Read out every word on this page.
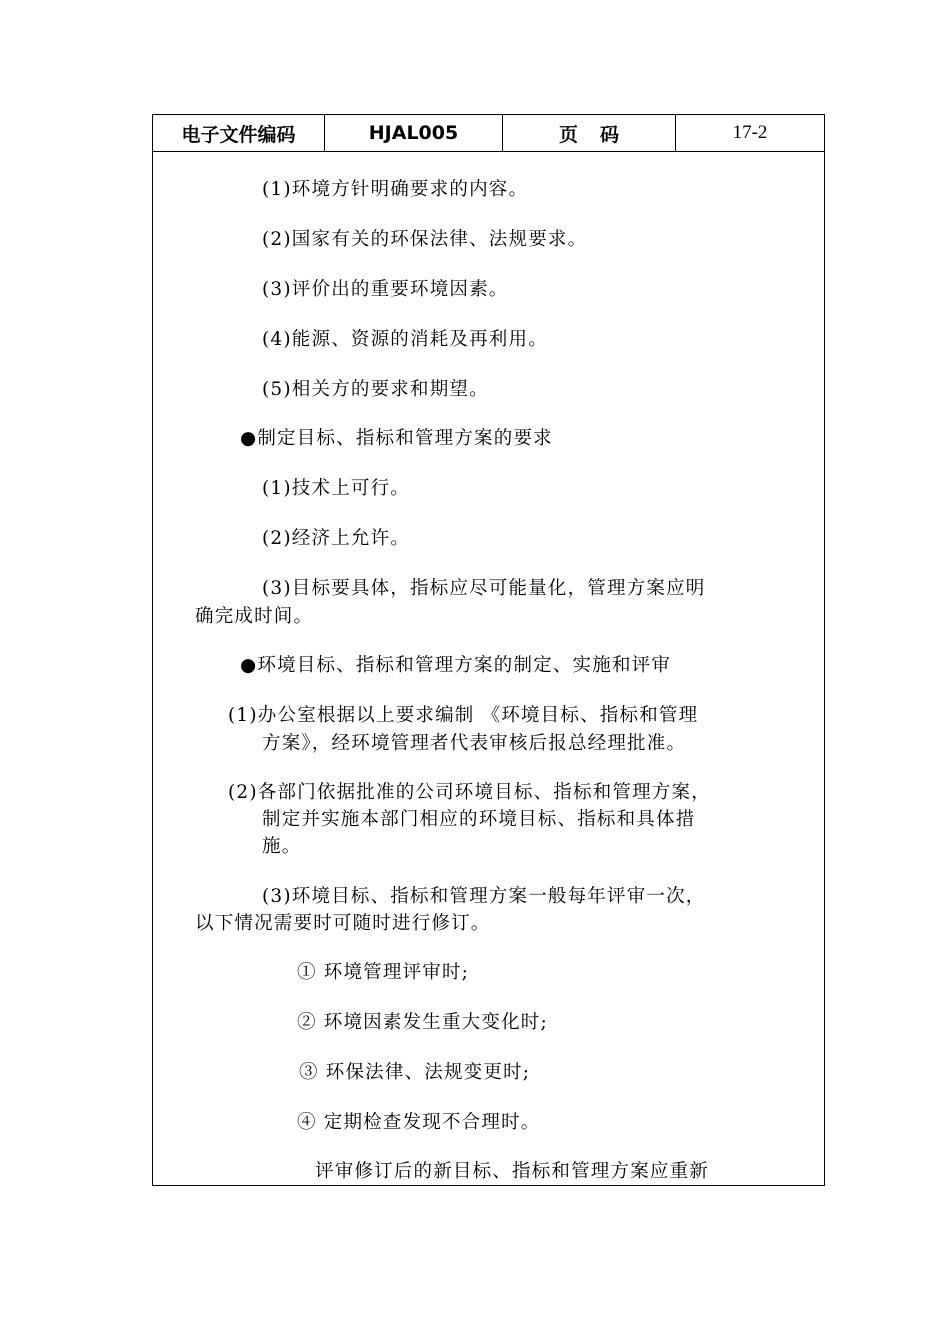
电子文件编码	HJAL005	页码	17-2
(1)环境方针明确要求的内容。
(2)国家有关的环保法律、法规要求。
(3)评价出的重要环境因素。
(4)能源、资源的消耗及再利用。
(5)相关方的要求和期望。
●制定目标、指标和管理方案的要求
(1)技术上可行。
(2)经济上允许。
(3)目标要具体，指标应尽可能量化，管理方案应明
确完成时间。
●环境目标、指标和管理方案的制定、实施和评审
(1)办公室根据以上要求编制 《环境目标、指标和管理
方案》，经环境管理者代表审核后报总经理批准。
(2)各部门依据批准的公司环境目标、指标和管理方案，
制定并实施本部门相应的环境目标、指标和具体措
施。
(3)环境目标、指标和管理方案一般每年评审一次，
以下情况需要时可随时进行修订。
① 环境管理评审时;
② 环境因素发生重大变化时;
③ 环保法律、法规变更时;
④ 定期检查发现不合理时。
评审修订后的新目标、指标和管理方案应重新
